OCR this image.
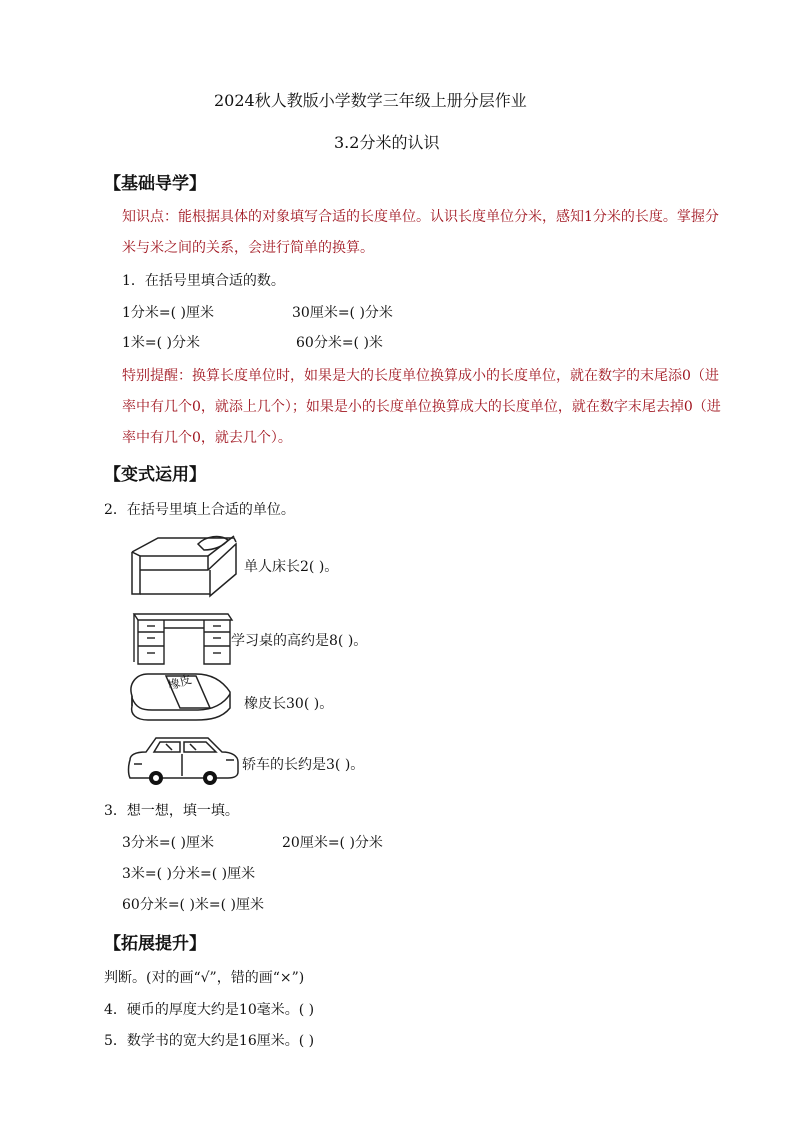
2024秋人教版小学数学三年级上册分层作业
3.2分米的认识
【基础导学】
知识点：能根据具体的对象填写合适的长度单位。认识长度单位分米，感知1分米的长度。掌握分
米与米之间的关系，会进行简单的换算。
1．在括号里填合适的数。
1分米=( )厘米	30厘米=( )分米
1米=( )分米	60分米=( )米
特别提醒：换算长度单位时，如果是大的长度单位换算成小的长度单位，就在数字的末尾添0（进
率中有几个0，就添上几个）；如果是小的长度单位换算成大的长度单位，就在数字末尾去掉0（进
率中有几个0，就去几个）。
【变式运用】
2．在括号里填上合适的单位。
单人床长2( )。
学习桌的高约是8( )。
橡皮
橡皮长30( )。
轿车的长约是3( )。
3．想一想，填一填。
3分米=( )厘米	20厘米=( )分米
3米=( )分米=( )厘米
60分米=( )米=( )厘米
【拓展提升】
判断。(对的画“√”，错的画“×”)
4．硬币的厚度大约是10毫米。( )
5．数学书的宽大约是16厘米。( )
